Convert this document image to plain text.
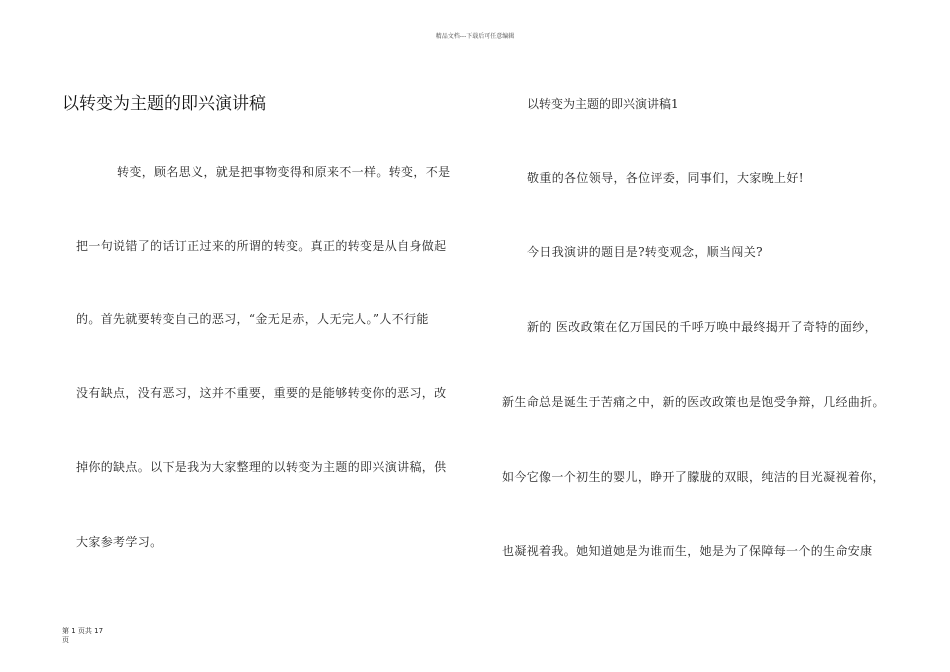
精品文档---下载后可任意编辑
以转变为主题的即兴演讲稿
转变，顾名思义，就是把事物变得和原来不一样。转变，不是
把一句说错了的话订正过来的所谓的转变。真正的转变是从自身做起
的。首先就要转变自己的恶习，“金无足赤，人无完人。”人不行能
没有缺点，没有恶习，这并不重要，重要的是能够转变你的恶习，改
掉你的缺点。以下是我为大家整理的以转变为主题的即兴演讲稿，供
大家参考学习。
以转变为主题的即兴演讲稿1
敬重的各位领导，各位评委，同事们，大家晚上好!
今日我演讲的题目是?转变观念，顺当闯关?
新的 医改政策在亿万国民的千呼万唤中最终揭开了奇特的面纱，
新生命总是诞生于苦痛之中，新的医改政策也是饱受争辩，几经曲折。
如今它像一个初生的婴儿，睁开了朦胧的双眼，纯洁的目光凝视着你，
也凝视着我。她知道她是为谁而生，她是为了保障每一个的生命安康
第 1 页共 17
页
